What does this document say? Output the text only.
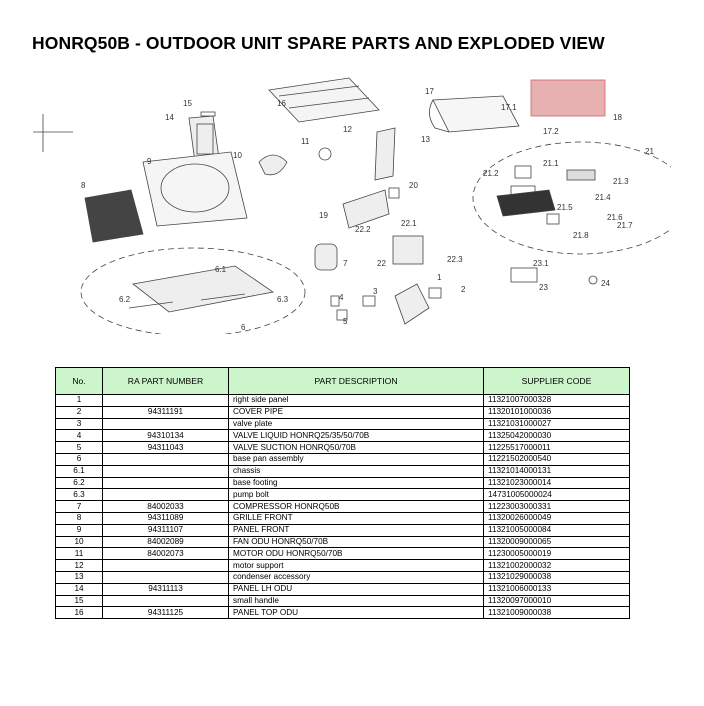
HONRQ50B - OUTDOOR UNIT SPARE PARTS AND EXPLODED VIEW
15
14
16
17
17.1
18
17.2
12
13
11
10
9
21
21.1
21.2
21.3
21.4
21.5
21.6
21.7
21.8
20
8
19
22.2
22.1
22.3
22
7
1
2
23.1
23	24
6.1
6.2	6.3	4
3
5
6
No.	RA PART NUMBER	PART DESCRIPTION	SUPPLIER CODE
1		right side panel	11321007000328
2	94311191	COVER PIPE	11320101000036
3		valve plate	11321031000027
4	94310134	VALVE LIQUID HONRQ25/35/50/70B	11325042000030
5	94311043	VALVE SUCTION HONRQ50/70B	11225517000011
6		base pan assembly	11221502000540
6.1		chassis	11321014000131
6.2		base footing	11321023000014
6.3		pump bolt	14731005000024
7	84002033	COMPRESSOR HONRQ50B	11223003000331
8	94311089	GRILLE FRONT	11320026000049
9	94311107	PANEL FRONT	11321005000084
10	84002089	FAN ODU HONRQ50/70B	11320009000065
11	84002073	MOTOR ODU HONRQ50/70B	11230005000019
12		motor support	11321002000032
13		condenser accessory	11321029000038
14	94311113	PANEL LH ODU	11321006000133
15		small handle	11320097000010
16	94311125	PANEL TOP ODU	11321009000038
